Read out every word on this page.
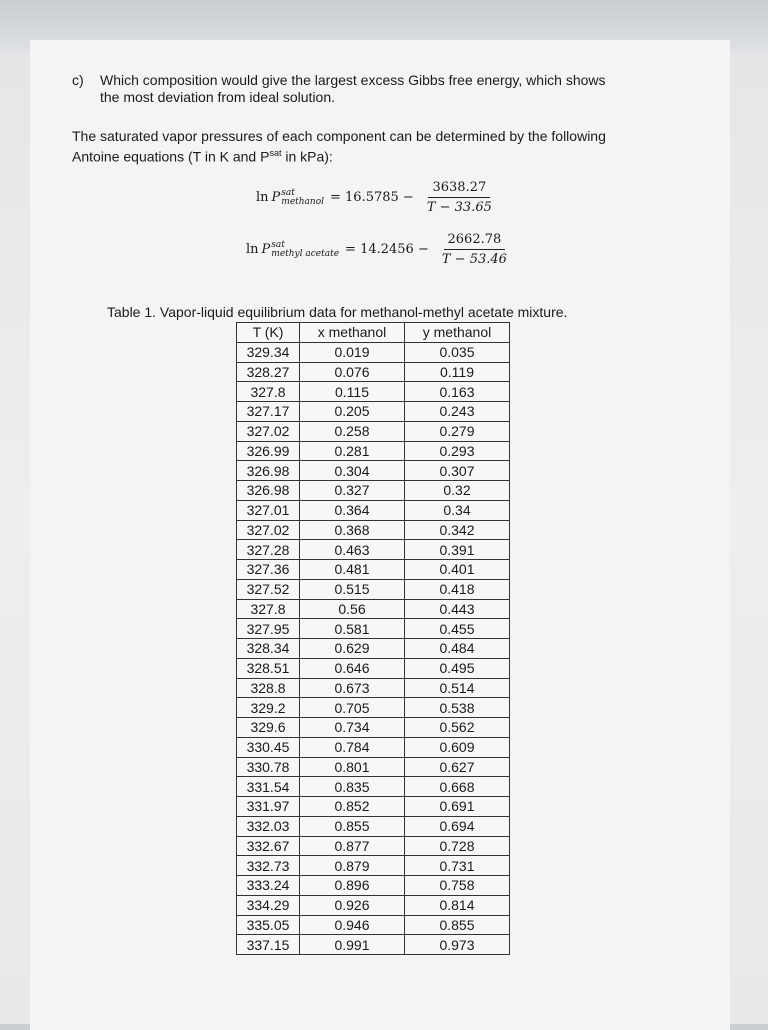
c) Which composition would give the largest excess Gibbs free energy, which shows
the most deviation from ideal solution.
The saturated vapor pressures of each component can be determined by the following
Antoine equations (T in K and $P^{sat}$ in kPa):
ln P sat
methanol = $16.5785 - \frac{3638.27}{T - 33.65}$
ln P sat
methyl acetate = $14.2456 - \frac{2662.78}{T - 53.46}$
Table 1. Vapor-liquid equilibrium data for methanol-methyl acetate mixture.
T (K)	x methanol	y methanol
329.34	0.019	0.035
328.27	0.076	0.119
327.8	0.115	0.163
327.17	0.205	0.243
327.02	0.258	0.279
326.99	0.281	0.293
326.98	0.304	0.307
326.98	0.327	0.32
327.01	0.364	0.34
327.02	0.368	0.342
327.28	0.463	0.391
327.36	0.481	0.401
327.52	0.515	0.418
327.8	0.56	0.443
327.95	0.581	0.455
328.34	0.629	0.484
328.51	0.646	0.495
328.8	0.673	0.514
329.2	0.705	0.538
329.6	0.734	0.562
330.45	0.784	0.609
330.78	0.801	0.627
331.54	0.835	0.668
331.97	0.852	0.691
332.03	0.855	0.694
332.67	0.877	0.728
332.73	0.879	0.731
333.24	0.896	0.758
334.29	0.926	0.814
335.05	0.946	0.855
337.15	0.991	0.973
